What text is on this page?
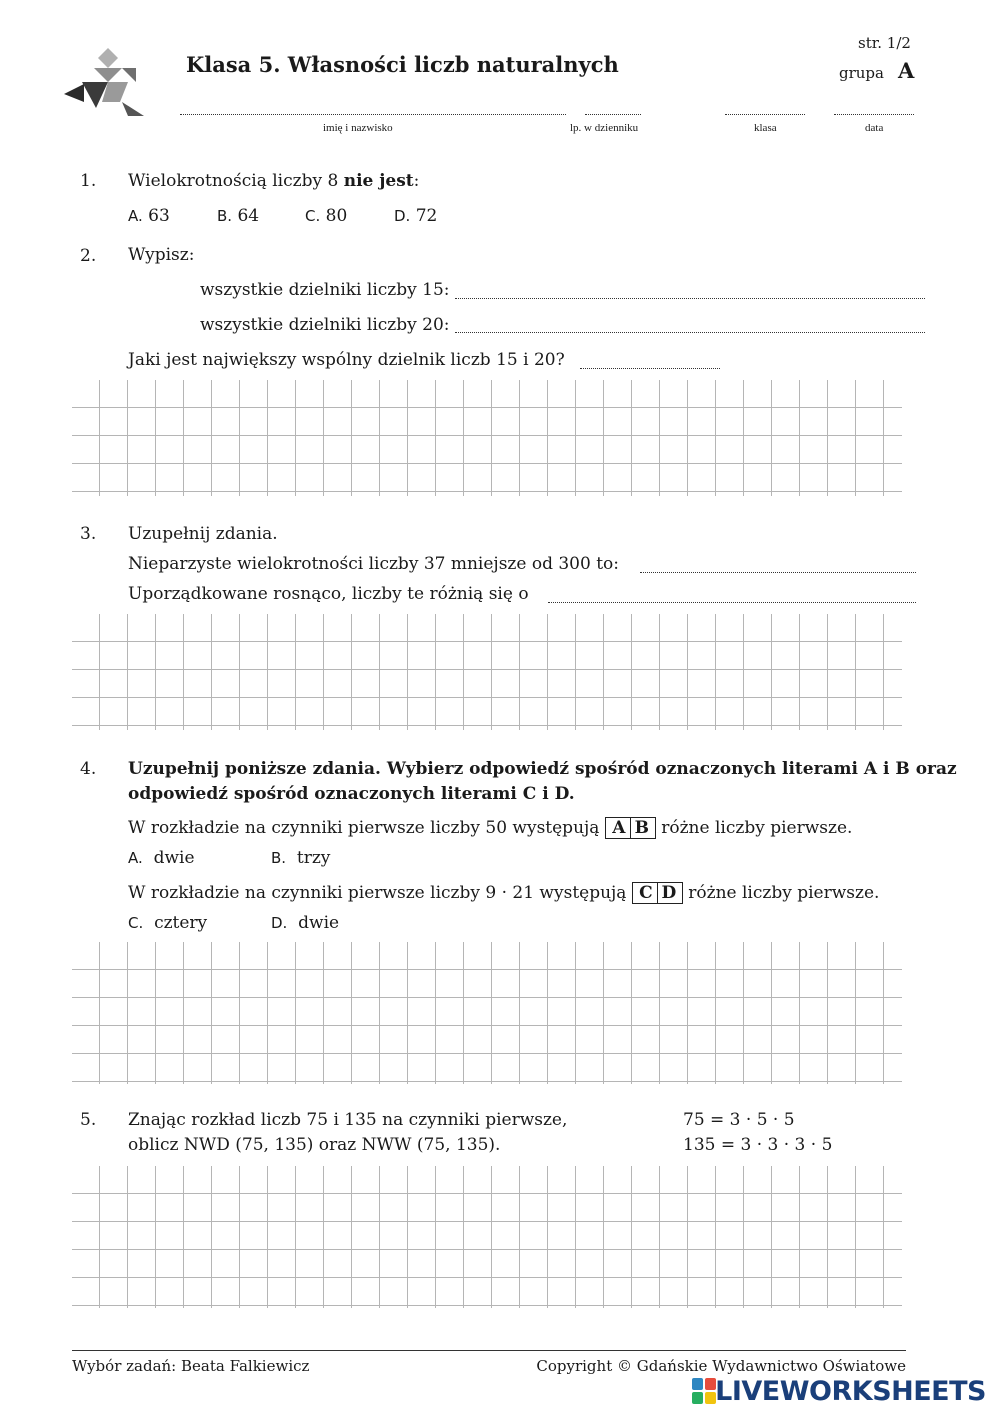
Klasa 5. Własności liczb naturalnych
str. 1/2
grupa A
imię i nazwisko	lp. w dzienniku	klasa	data
1. Wielokrotnością liczby 8 nie jest:
A. 63	B. 64	C. 80	D. 72
2. Wypisz:
wszystkie dzielniki liczby 15:
wszystkie dzielniki liczby 20:
Jaki jest największy wspólny dzielnik liczb 15 i 20?
3. Uzupełnij zdania.
Nieparzyste wielokrotności liczby 37 mniejsze od 300 to:
Uporządkowane rosnąco, liczby te różnią się o
4. Uzupełnij poniższe zdania. Wybierz odpowiedź spośród oznaczonych literami A i B oraz
odpowiedź spośród oznaczonych literami C i D.
W rozkładzie na czynniki pierwsze liczby 50 występują A B różne liczby pierwsze.
A. dwie	B. trzy
W rozkładzie na czynniki pierwsze liczby 9 · 21 występują C D różne liczby pierwsze.
C. cztery	D. dwie
5. Znając rozkład liczb 75 i 135 na czynniki pierwsze,
oblicz NWD (75, 135) oraz NWW (75, 135).
75 = 3 · 5 · 5
135 = 3 · 3 · 3 · 5
Wybór zadań: Beata Falkiewicz	Copyright © Gdańskie Wydawnictwo Oświatowe
LIVEWORKSHEETS
